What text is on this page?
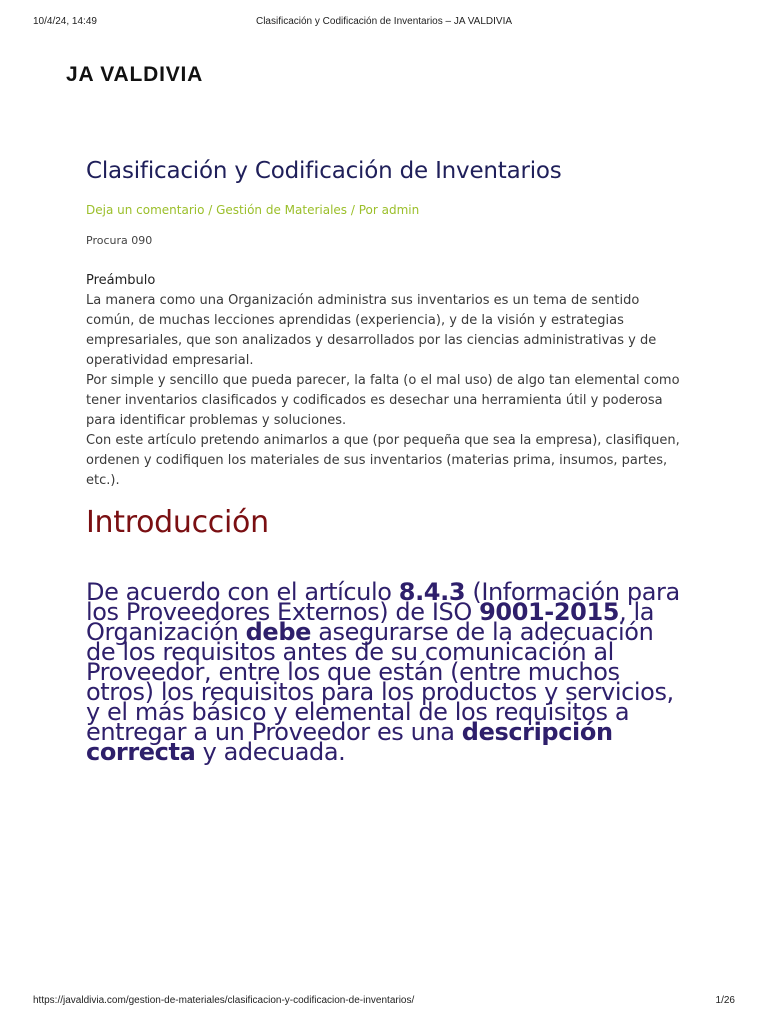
10/4/24, 14:49	Clasificación y Codificación de Inventarios – JA VALDIVIA
JA VALDIVIA
Clasificación y Codificación de Inventarios
Deja un comentario / Gestión de Materiales / Por admin
Procura 090
Preámbulo

La manera como una Organización administra sus inventarios es un tema de sentido común, de muchas lecciones aprendidas (experiencia), y de la visión y estrategias empresariales, que son analizados y desarrollados por las ciencias administrativas y de operatividad empresarial.

Por simple y sencillo que pueda parecer, la falta (o el mal uso) de algo tan elemental como tener inventarios clasificados y codificados es desechar una herramienta útil y poderosa para identificar problemas y soluciones.

Con este artículo pretendo animarlos a que (por pequeña que sea la empresa), clasifiquen, ordenen y codifiquen los materiales de sus inventarios (materias prima, insumos, partes, etc.).

Introducción

De acuerdo con el artículo 8.4.3 (Información para los Proveedores Externos) de ISO 9001-2015, la Organización debe asegurarse de la adecuación de los requisitos antes de su comunicación al Proveedor, entre los que están (entre muchos otros) los requisitos para los productos y servicios, y el más básico y elemental de los requisitos a entregar a un Proveedor es una descripción correcta y adecuada.

https://javaldivia.com/gestion-de-materiales/clasificacion-y-codificacion-de-inventarios/	1/26
